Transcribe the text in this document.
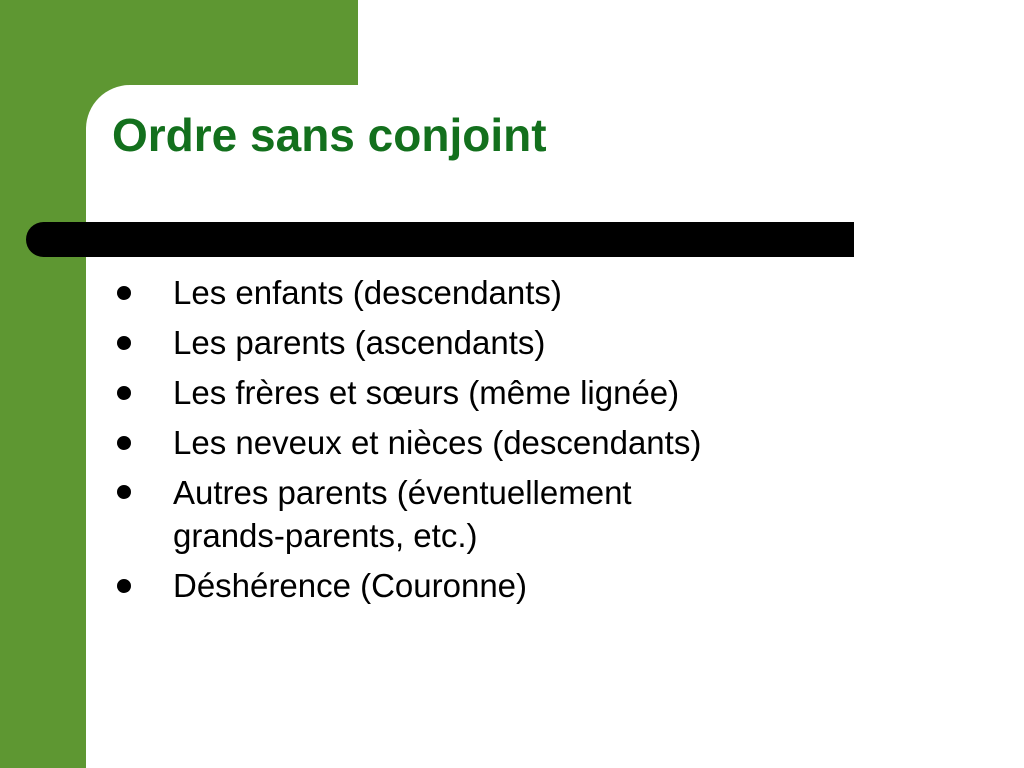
Ordre sans conjoint
Les enfants (descendants)
Les parents (ascendants)
Les frères et sœurs (même lignée)
Les neveux et nièces (descendants)
Autres parents (éventuellement
grands-parents, etc.)
Déshérence (Couronne)
